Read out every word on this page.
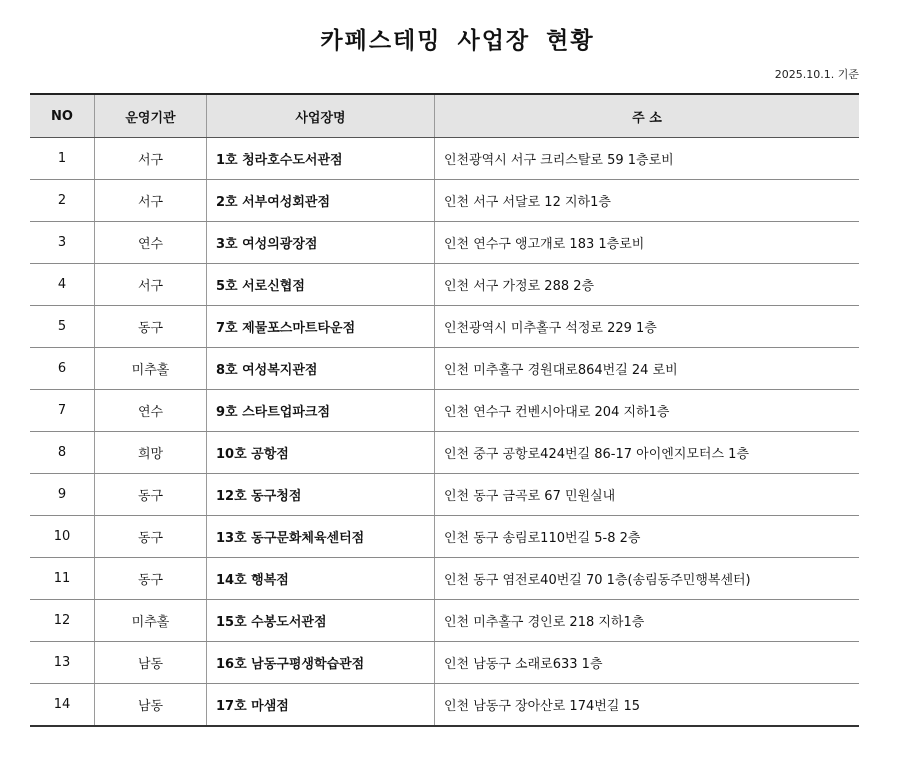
카페스테밍 사업장 현황
2025.10.1. 기준
NO	운영기관	사업장명	주 소
1	서구	1호 청라호수도서관점	인천광역시 서구 크리스탈로 59 1층로비
2	서구	2호 서부여성회관점	인천 서구 서달로 12 지하1층
3	연수	3호 여성의광장점	인천 연수구 앵고개로 183 1층로비
4	서구	5호 서로신협점	인천 서구 가정로 288 2층
5	동구	7호 제물포스마트타운점	인천광역시 미추홀구 석정로 229 1층
6	미추홀	8호 여성복지관점	인천 미추홀구 경원대로864번길 24 로비
7	연수	9호 스타트업파크점	인천 연수구 컨벤시아대로 204 지하1층
8	희망	10호 공항점	인천 중구 공항로424번길 86-17 아이엔지모터스 1층
9	동구	12호 동구청점	인천 동구 금곡로 67 민원실내
10	동구	13호 동구문화체육센터점	인천 동구 송림로110번길 5-8 2층
11	동구	14호 행복점	인천 동구 염전로40번길 70 1층(송림동주민행복센터)
12	미추홀	15호 수봉도서관점	인천 미추홀구 경인로 218 지하1층
13	남동	16호 남동구평생학습관점	인천 남동구 소래로633 1층
14	남동	17호 마샘점	인천 남동구 장아산로 174번길 15
